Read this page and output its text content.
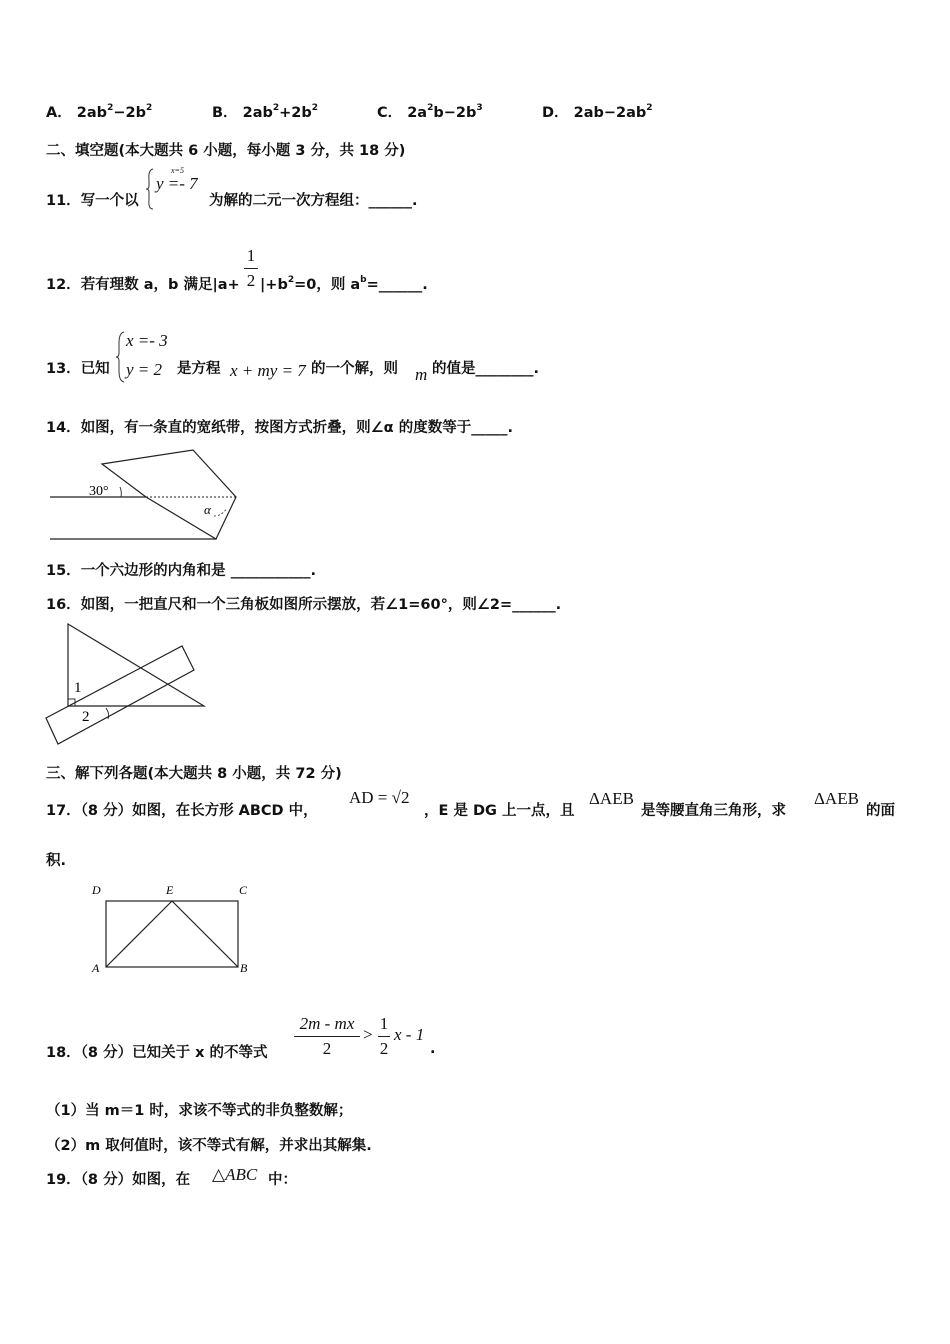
A． $2ab^2-2b^2$	B． $2ab^2+2b^2$	C． $2a^2b-2b^3$	D． $2ab-2ab^2$
二、填空题(本大题共 6 小题，每小题 3 分，共 18 分)
11．写一个以
x=5
y =- 7
为解的二元一次方程组：______.
12．若有理数 a，b 满足|a+
1
2 $|+b^2=0$，则 $a^b=\_\_\_\_\_\_$.
13．已知
x =- 3
y = 2 是方程 x + my = 7 的一个解，则 m 的值是________.
14．如图，有一条直的宽纸带，按图方式折叠，则∠α 的度数等于_____.
30°
α
15．一个六边形的内角和是 ___________.
16．如图，一把直尺和一个三角板如图所示摆放，若∠1=60°，则∠2=______.
1
2
三、解下列各题(本大题共 8 小题，共 72 分)
17．（8 分）如图，在长方形 ABCD 中，
AD = √2
，E 是 DG 上一点，且
ΔAEB
是等腰直角三角形，求
ΔAEB
的面
积.
D	E	C
A	B
18．（8 分）已知关于 x 的不等式
2m - mx
2
>
1
2
x - 1
.
（1）当 m＝1 时，求该不等式的非负整数解；
（2）m 取何值时，该不等式有解，并求出其解集.
19．（8 分）如图，在 △ABC 中：
